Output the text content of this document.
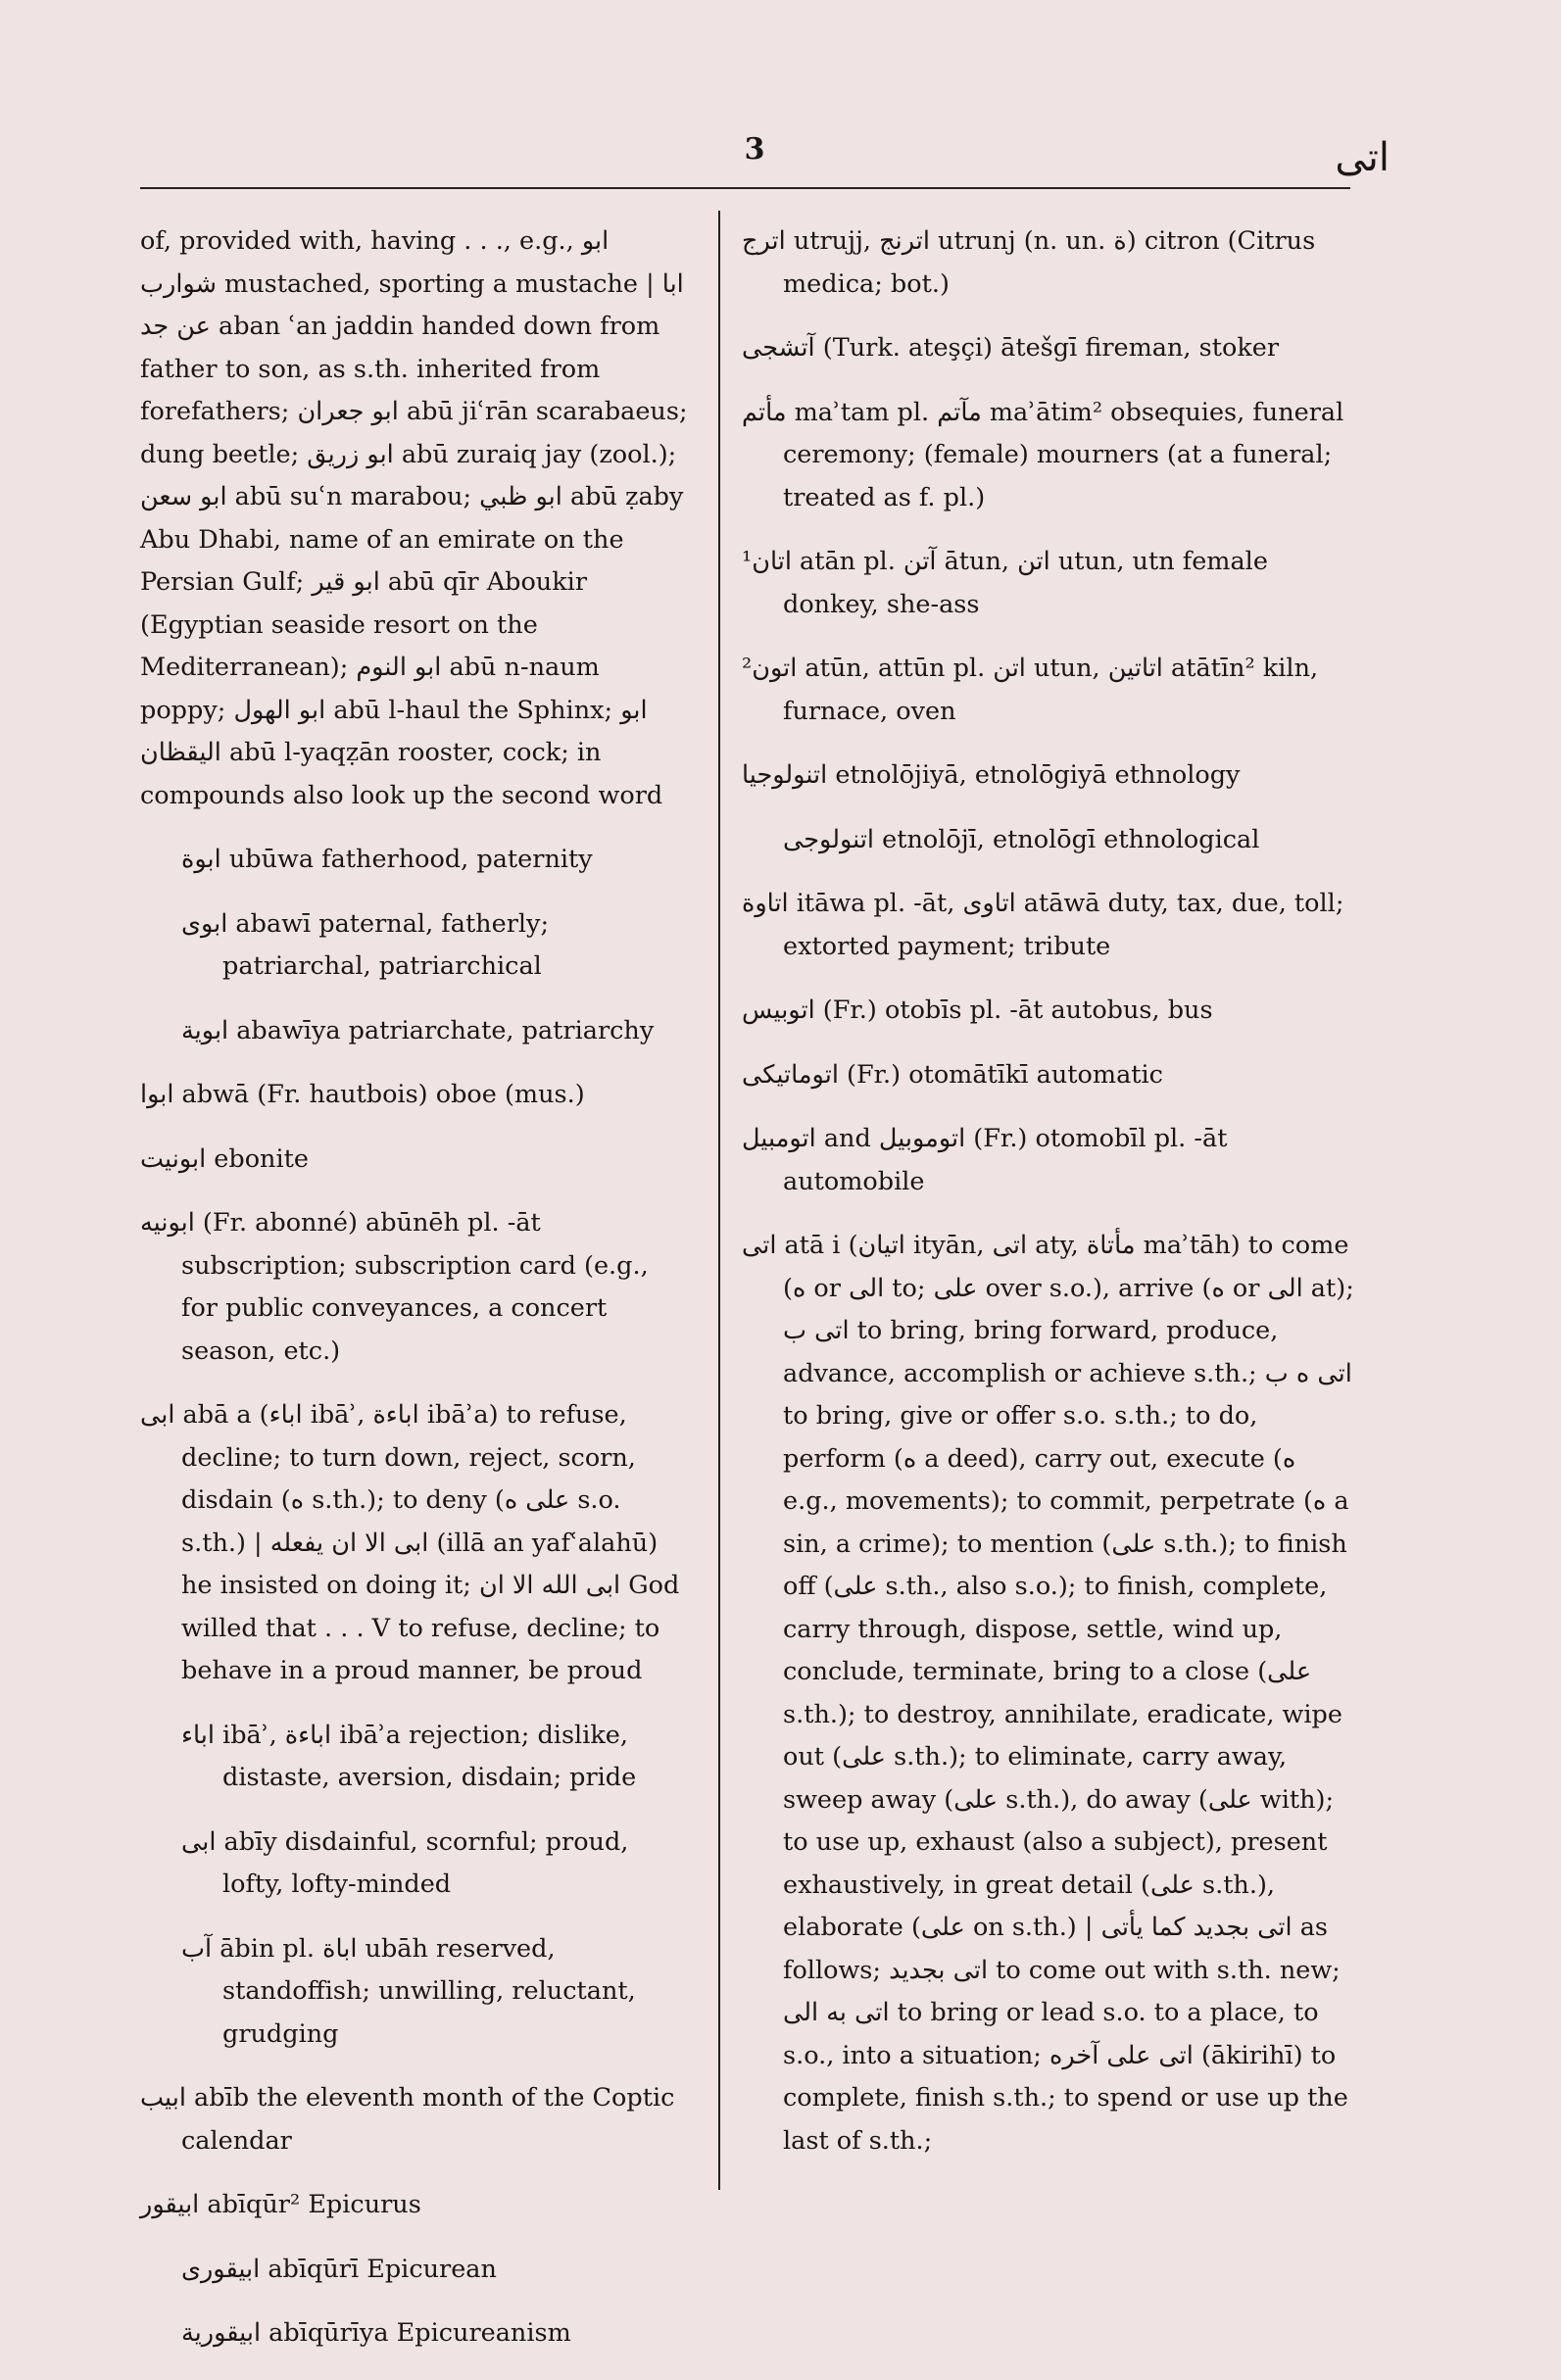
3	اتى

of, provided with, having . . ., e.g., ابو شوارب mustached, sporting a mustache | ابا عن جد aban ʿan jaddin handed down from father to son, as s.th. inherited from forefathers; ابو جعران abū jiʿrān scarabaeus; dung beetle; ابو زريق abū zuraiq jay (zool.); ابو سعن abū suʿn marabou; ابو ظبي abū ẓaby Abu Dhabi, name of an emirate on the Persian Gulf; ابو قير abū qīr Aboukir (Egyptian seaside resort on the Mediterranean); ابو النوم abū n-naum poppy; ابو الهول abū l-haul the Sphinx; ابو اليقظان abū l-yaqẓān rooster, cock; in compounds also look up the second word

ابوة ubūwa fatherhood, paternity

ابوى abawī paternal, fatherly; patriarchal, patriarchical

ابوية abawīya patriarchate, patriarchy

ابوا abwā (Fr. hautbois) oboe (mus.)

ابونيت ebonite

ابونيه (Fr. abonné) abūnēh pl. -āt subscription; subscription card (e.g., for public conveyances, a concert season, etc.)

ابى abā a (اباء ibāʾ, اباءة ibāʾa) to refuse, decline; to turn down, reject, scorn, disdain (ه s.th.); to deny (على ه s.o. s.th.) | ابى الا ان يفعله (illā an yafʿalahū) he insisted on doing it; ابى الله الا ان God willed that . . . V to refuse, decline; to behave in a proud manner, be proud

اباء ibāʾ, اباءة ibāʾa rejection; dislike, distaste, aversion, disdain; pride

ابى abīy disdainful, scornful; proud, lofty, lofty-minded

آب ābin pl. اباة ubāh reserved, standoffish; unwilling, reluctant, grudging

ابيب abīb the eleventh month of the Coptic calendar

ابيقور abīqūr² Epicurus

ابيقورى abīqūrī Epicurean

ابيقورية abīqūrīya Epicureanism

اترج utrujj, اترنج utrunj (n. un. ة) citron (Citrus medica; bot.)

آتشجى (Turk. ateşçi) ātešgī fireman, stoker

مأتم maʾtam pl. مآتم maʾātim² obsequies, funeral ceremony; (female) mourners (at a funeral; treated as f. pl.)

¹اتان atān pl. آتن ātun, اتن utun, utn female donkey, she-ass

²اتون atūn, attūn pl. اتن utun, اتاتين atātīn² kiln, furnace, oven

اتنولوجيا etnolōjiyā, etnolōgiyā ethnology

اتنولوجى etnolōjī, etnolōgī ethnological

اتاوة itāwa pl. -āt, اتاوى atāwā duty, tax, due, toll; extorted payment; tribute

اتوبيس (Fr.) otobīs pl. -āt autobus, bus

اتوماتيكى (Fr.) otomātīkī automatic

اتومبيل and اتوموبيل (Fr.) otomobīl pl. -āt automobile

اتى atā i (اتيان ityān, اتى aty, مأتاة maʾtāh) to come (ه or الى to; على over s.o.), arrive (ه or الى at); اتى ب to bring, bring forward, produce, advance, accomplish or achieve s.th.; اتى ه ب to bring, give or offer s.o. s.th.; to do, perform (ه a deed), carry out, execute (ه e.g., movements); to commit, perpetrate (ه a sin, a crime); to mention (على s.th.); to finish off (على s.th., also s.o.); to finish, complete, carry through, dispose, settle, wind up, conclude, terminate, bring to a close (على s.th.); to destroy, annihilate, eradicate, wipe out (على s.th.); to eliminate, carry away, sweep away (على s.th.), do away (على with); to use up, exhaust (also a subject), present exhaustively, in great detail (على s.th.), elaborate (على on s.th.) | اتى بجديد كما يأتى as follows; اتى بجديد to come out with s.th. new; اتى به الى to bring or lead s.o. to a place, to s.o., into a situation; اتى على آخره (ākirihī) to complete, finish s.th.; to spend or use up the last of s.th.;
